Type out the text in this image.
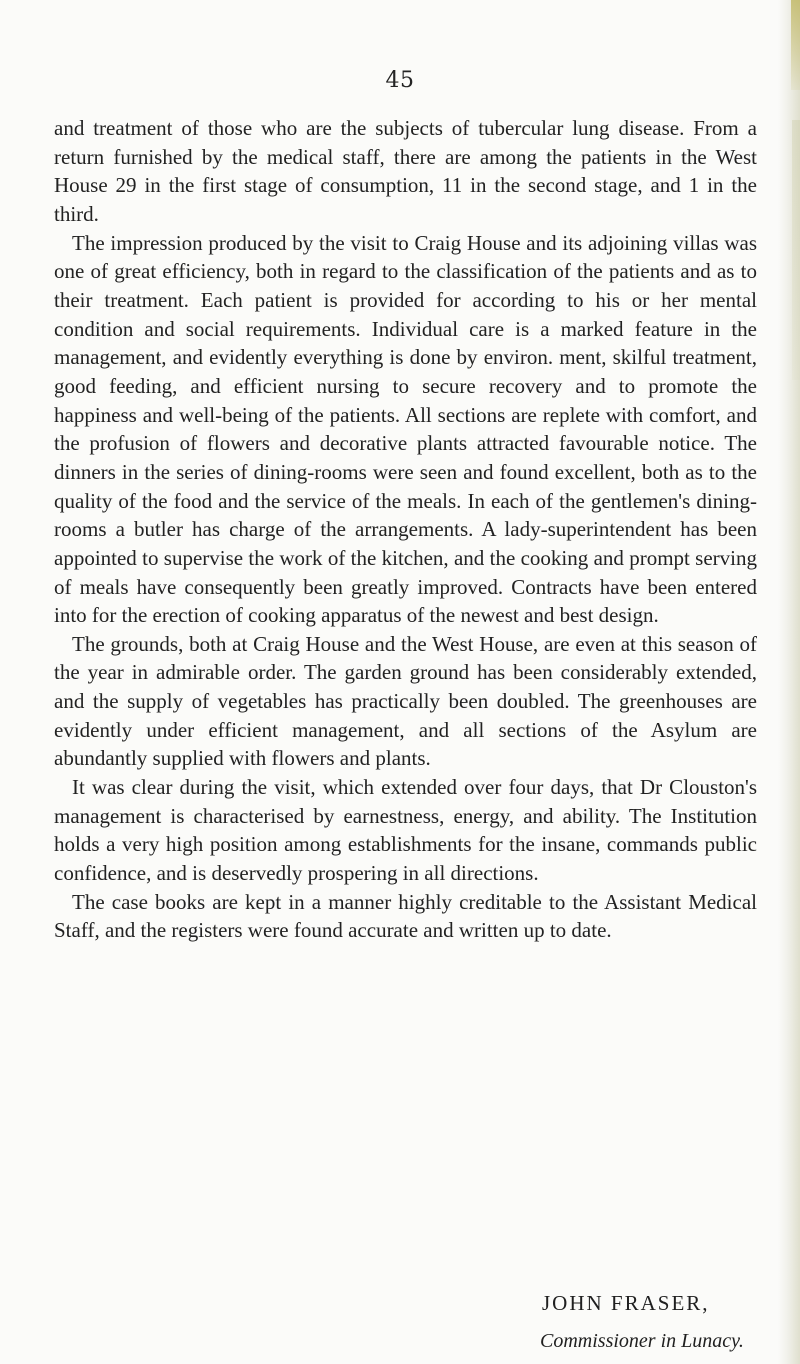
45

and treatment of those who are the subjects of tubercular lung disease. From a return furnished by the medical staff, there are among the patients in the West House 29 in the first stage of consumption, 11 in the second stage, and 1 in the third.

The impression produced by the visit to Craig House and its adjoining villas was one of great efficiency, both in regard to the classification of the patients and as to their treatment. Each patient is provided for according to his or her mental condition and social requirements. Individual care is a marked feature in the management, and evidently everything is done by environ. ment, skilful treatment, good feeding, and efficient nursing to secure recovery and to promote the happiness and well-being of the patients. All sections are replete with comfort, and the profusion of flowers and decorative plants attracted favourable notice. The dinners in the series of dining-rooms were seen and found excellent, both as to the quality of the food and the service of the meals. In each of the gentlemen's dining-rooms a butler has charge of the arrangements. A lady-superintendent has been appointed to supervise the work of the kitchen, and the cooking and prompt serving of meals have consequently been greatly improved. Contracts have been entered into for the erection of cooking apparatus of the newest and best design.

The grounds, both at Craig House and the West House, are even at this season of the year in admirable order. The garden ground has been considerably extended, and the supply of vegetables has practically been doubled. The greenhouses are evidently under efficient management, and all sections of the Asylum are abundantly supplied with flowers and plants.

It was clear during the visit, which extended over four days, that Dr Clouston's management is characterised by earnestness, energy, and ability. The Institution holds a very high position among establishments for the insane, commands public confidence, and is deservedly prospering in all directions.

The case books are kept in a manner highly creditable to the Assistant Medical Staff, and the registers were found accurate and written up to date.

JOHN FRASER,
Commissioner in Lunacy.
